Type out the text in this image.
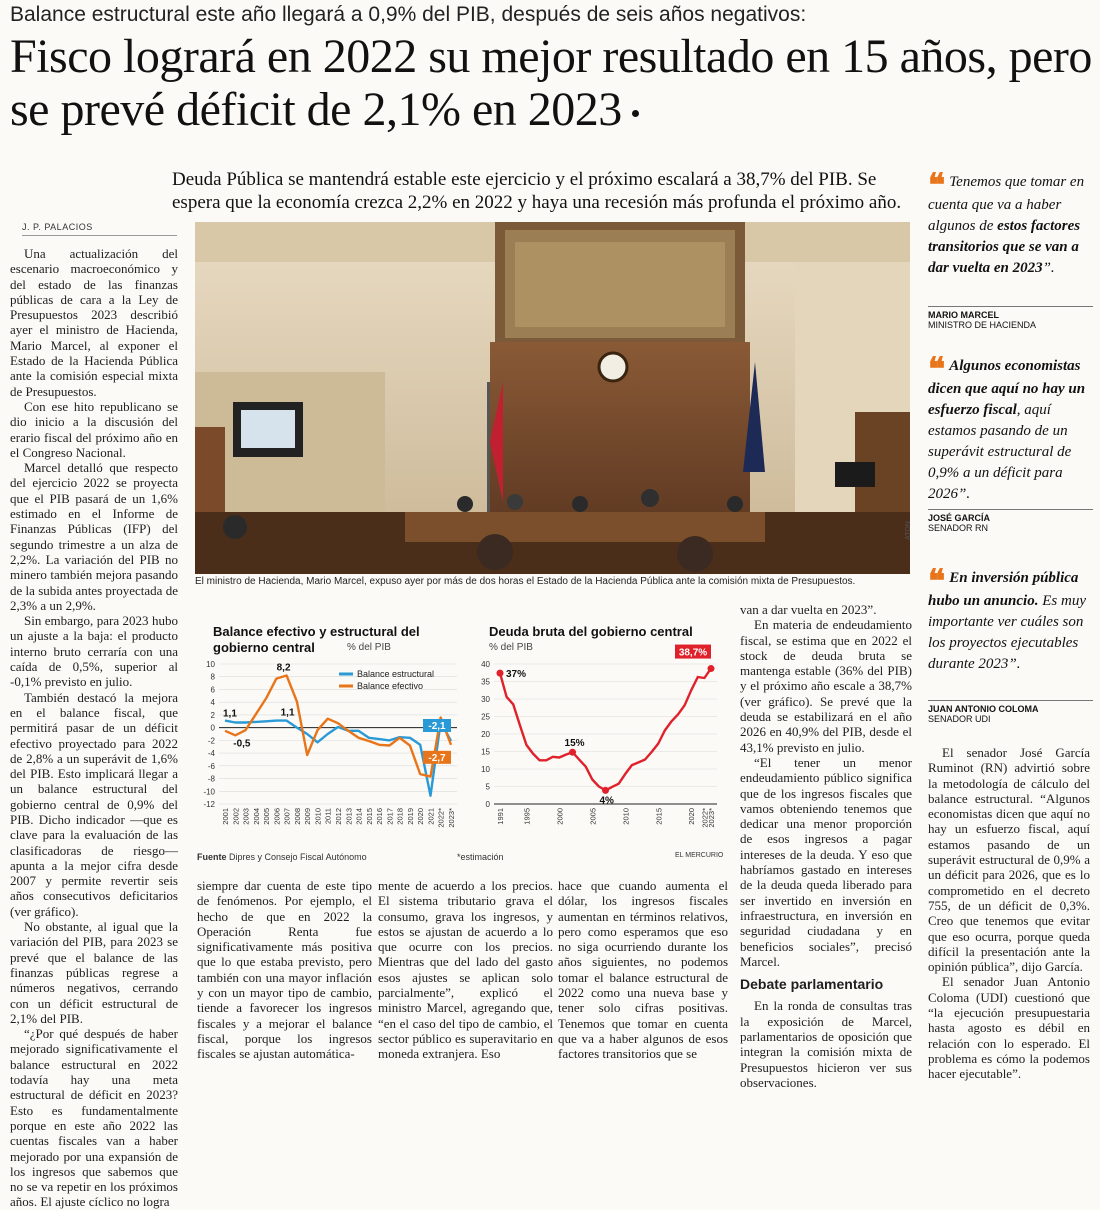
Balance estructural este año llegará a 0,9% del PIB, después de seis años negativos:
Fisco logrará en 2022 su mejor resultado en 15 años, pero se prevé déficit de 2,1% en 2023
Deuda Pública se mantendrá estable este ejercicio y el próximo escalará a 38,7% del PIB. Se espera que la economía crezca 2,2% en 2022 y haya una recesión más profunda el próximo año.
J. P. PALACIOS

Una actualización del escenario macroeconómico y del estado de las finanzas públicas de cara a la Ley de Presupuestos 2023 describió ayer el ministro de Hacienda, Mario Marcel, al exponer el Estado de la Hacienda Pública ante la comisión especial mixta de Presupuestos.

Con ese hito republicano se dio inicio a la discusión del erario fiscal del próximo año en el Congreso Nacional.

Marcel detalló que respecto del ejercicio 2022 se proyecta que el PIB pasará de un 1,6% estimado en el Informe de Finanzas Públicas (IFP) del segundo trimestre a un alza de 2,2%. La variación del PIB no minero también mejora pasando de la subida antes proyectada de 2,3% a un 2,9%.

Sin embargo, para 2023 hubo un ajuste a la baja: el producto interno bruto cerraría con una caída de 0,5%, superior al -0,1% previsto en julio.

También destacó la mejora en el balance fiscal, que permitirá pasar de un déficit efectivo proyectado para 2022 de 2,8% a un superávit de 1,6% del PIB. Esto implicará llegar a un balance estructural del gobierno central de 0,9% del PIB. Dicho indicador —que es clave para la evaluación de las clasificadoras de riesgo— apunta a la mejor cifra desde 2007 y permite revertir seis años consecutivos deficitarios (ver gráfico).

No obstante, al igual que la variación del PIB, para 2023 se prevé que el balance de las finanzas públicas regrese a números negativos, cerrando con un déficit estructural de 2,1% del PIB.

“¿Por qué después de haber mejorado significativamente el balance estructural en 2022 todavía hay una meta estructural de déficit en 2023? Esto es fundamentalmente porque en este año 2022 las cuentas fiscales van a haber mejorado por una expansión de los ingresos que sabemos que no se va repetir en los próximos años. El ajuste cíclico no logra

El ministro de Hacienda, Mario Marcel, expuso ayer por más de dos horas el Estado de la Hacienda Pública ante la comisión mixta de Presupuestos.
ATON
❝ Tenemos que tomar en cuenta que va a haber algunos de estos factores transitorios que se van a dar vuelta en 2023”.
MARIO MARCEL
MINISTRO DE HACIENDA
❝ Algunos economistas dicen que aquí no hay un esfuerzo fiscal, aquí estamos pasando de un superávit estructural de 0,9% a un déficit para 2026”.
JOSÉ GARCÍA
SENADOR RN
❝ En inversión pública hubo un anuncio. Es muy importante ver cuáles son los proyectos ejecutables durante 2023”.
JUAN ANTONIO COLOMA
SENADOR UDI
Balance efectivo y estructural del gobierno central	% del PIB
Deuda bruta del gobierno central
% del PIB
10
8
6
4
2
0
-2
-4
-6
-8
-10
-12
2001 2002 2003 2004 2005 2006 2007 2008 2009 2010 2011 2012 2013 2014 2015 2016 2017 2018 2019 2020 2021 2022* 2023*
Balance estructural
Balance efectivo
1,1
-0,5
8,2
1,1
-2,1
-2,7
40
35
30
25
20
15
10
5
0
1991 1995	2000	2005	2010	2015	2020 2022*
2023*
37%
15%
4%
38,7%
Fuente Dipres y Consejo Fiscal Autónomo	*estimación	EL MERCURIO

siempre dar cuenta de este tipo de fenómenos. Por ejemplo, el hecho de que en 2022 la Operación Renta fue significativamente más positiva que lo que estaba previsto, pero también con una mayor inflación y con un mayor tipo de cambio, tiende a favorecer los ingresos fiscales y a mejorar el balance fiscal, porque los ingresos fiscales se ajustan automática-

mente de acuerdo a los precios. El sistema tributario grava el consumo, grava los ingresos, y estos se ajustan de acuerdo a lo que ocurre con los precios. Mientras que del lado del gasto esos ajustes se aplican solo parcialmente”, explicó el ministro Marcel, agregando que, “en el caso del tipo de cambio, el sector público es superavitario en moneda extranjera. Eso

hace que cuando aumenta el dólar, los ingresos fiscales aumentan en términos relativos, pero como esperamos que eso no siga ocurriendo durante los años siguientes, no podemos tomar el balance estructural de 2022 como una nueva base y tener solo cifras positivas. Tenemos que tomar en cuenta que va a haber algunos de esos factores transitorios que se

van a dar vuelta en 2023”.

En materia de endeudamiento fiscal, se estima que en 2022 el stock de deuda bruta se mantenga estable (36% del PIB) y el próximo año escale a 38,7% (ver gráfico). Se prevé que la deuda se estabilizará en el año 2026 en 40,9% del PIB, desde el 43,1% previsto en julio.

“El tener un menor endeudamiento público significa que de los ingresos fiscales que vamos obteniendo tenemos que dedicar una menor proporción de esos ingresos a pagar intereses de la deuda. Y eso que habríamos gastado en intereses de la deuda queda liberado para ser invertido en inversión en infraestructura, en inversión en seguridad ciudadana y en beneficios sociales”, precisó Marcel.

Debate parlamentario

En la ronda de consultas tras la exposición de Marcel, parlamentarios de oposición que integran la comisión mixta de Presupuestos hicieron ver sus observaciones.

El senador José García Ruminot (RN) advirtió sobre la metodología de cálculo del balance estructural. “Algunos economistas dicen que aquí no hay un esfuerzo fiscal, aquí estamos pasando de un superávit estructural de 0,9% a un déficit para 2026, que es lo comprometido en el decreto 755, de un déficit de 0,3%. Creo que tenemos que evitar que eso ocurra, porque queda difícil la presentación ante la opinión pública”, dijo García.

El senador Juan Antonio Coloma (UDI) cuestionó que “la ejecución presupuestaria hasta agosto es débil en relación con lo esperado. El problema es cómo la podemos hacer ejecutable”.
